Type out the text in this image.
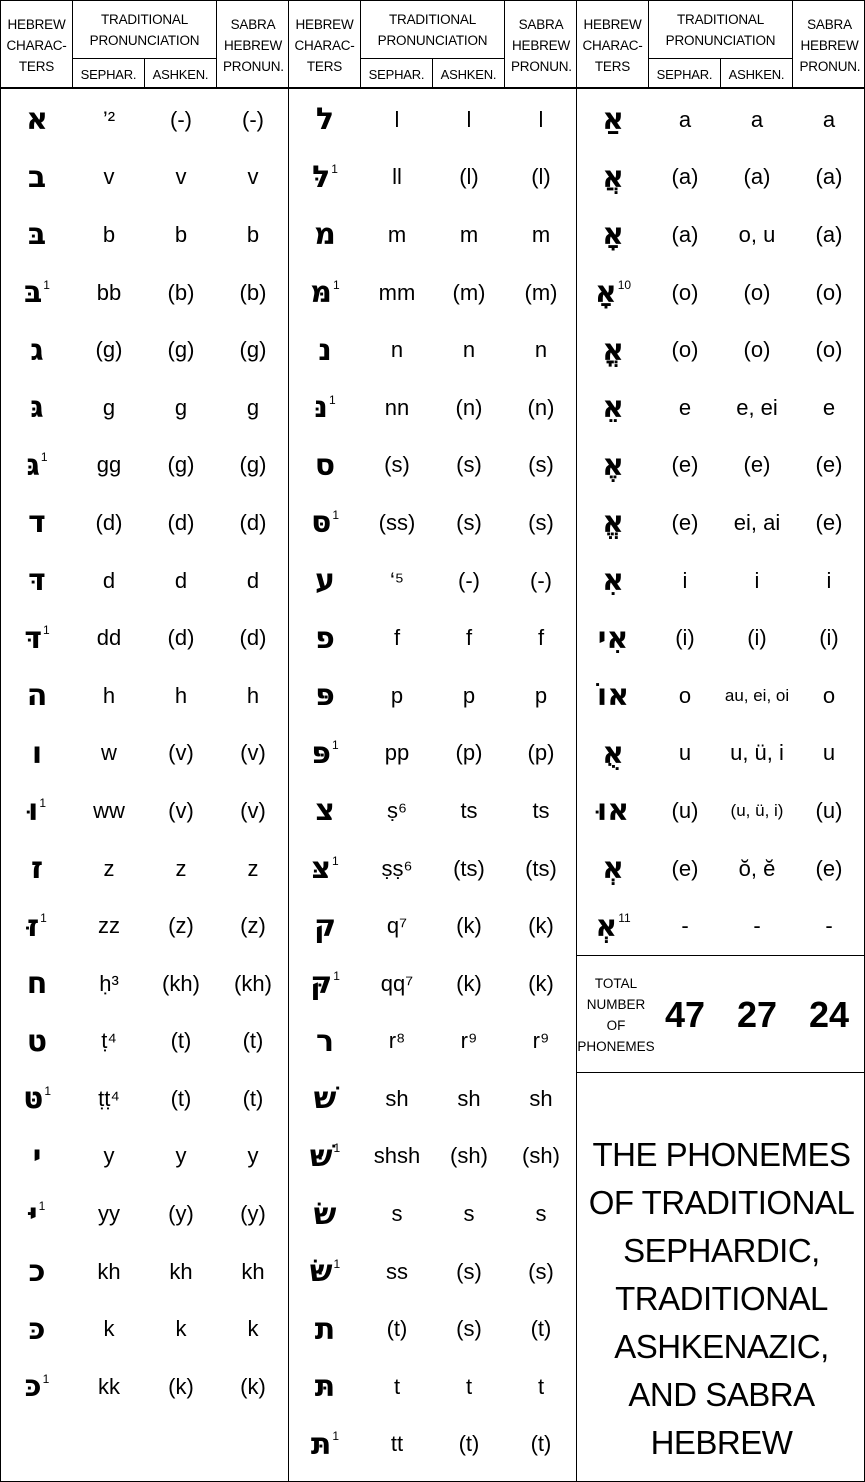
HEBREW CHARAC- TERS
TRADITIONAL PRONUNCIATION
SEPHAR.	ASHKEN.
SABRA HEBREW PRONUN.
א	’²	(-)	(-)
ב	v	v	v
בּ	b	b	b
בּ 1	bb	(b)	(b)
ג	(g)	(g)	(g)
גּ	g	g	g
גּ 1	gg	(g)	(g)
ד	(d)	(d)	(d)
דּ	d	d	d
דּ 1	dd	(d)	(d)
ה	h	h	h
ו	w	(v)	(v)
וּ 1	ww	(v)	(v)
ז	z	z	z
זּ 1	zz	(z)	(z)
ח	ḥ³	(kh)	(kh)
ט	ṭ⁴	(t)	(t)
טּ 1	ṭṭ⁴	(t)	(t)
י	y	y	y
יּ 1	yy	(y)	(y)
כ	kh	kh	kh
כּ	k	k	k
כּ 1	kk	(k)	(k)
HEBREW CHARAC- TERS
TRADITIONAL PRONUNCIATION
SEPHAR.	ASHKEN.
SABRA HEBREW PRONUN.
ל	l	l	l
לּ 1	ll	(l)	(l)
מ	m	m	m
מּ 1	mm	(m)	(m)
נ	n	n	n
נּ 1	nn	(n)	(n)
ס	(s)	(s)	(s)
סּ 1	(ss)	(s)	(s)
ע	‘⁵	(-)	(-)
פ	f	f	f
פּ	p	p	p
פּ 1	pp	(p)	(p)
צ	ṣ⁶	ts	ts
צּ 1	ṣṣ⁶	(ts)	(ts)
ק	q⁷	(k)	(k)
קּ 1	qq⁷	(k)	(k)
ר	r⁸	r⁹	r⁹
שׁ	sh	sh	sh
שּׁ 1	shsh	(sh)	(sh)
שׂ	s	s	s
שּׂ 1	ss	(s)	(s)
ת	(t)	(s)	(t)
תּ	t	t	t
תּ 1	tt	(t)	(t)
HEBREW CHARAC- TERS
TRADITIONAL PRONUNCIATION
SEPHAR.	ASHKEN.
SABRA HEBREW PRONUN.
אַ	a	a	a
אֲ	(a)	(a)	(a)
אָ	(a)	o, u	(a)
אָ 10	(o)	(o)	(o)
אֳ	(o)	(o)	(o)
אֵ	e	e, ei	e
אֶ	(e)	(e)	(e)
אֱ	(e)	ei, ai	(e)
אִ	i	i	i
אִי	(i)	(i)	(i)
אוֹ	o	au, ei, oi	o
אֻ	u	u, ü, i	u
אוּ	(u)	(u, ü, i)	(u)
אְ	(e)	ŏ, ĕ	(e)
אְ 11	-	-	-
TOTAL NUMBER OF PHONEMES
47 27 24
THE PHONEMES OF TRADITIONAL SEPHARDIC, TRADITIONAL ASHKENAZIC, AND SABRA HEBREW
